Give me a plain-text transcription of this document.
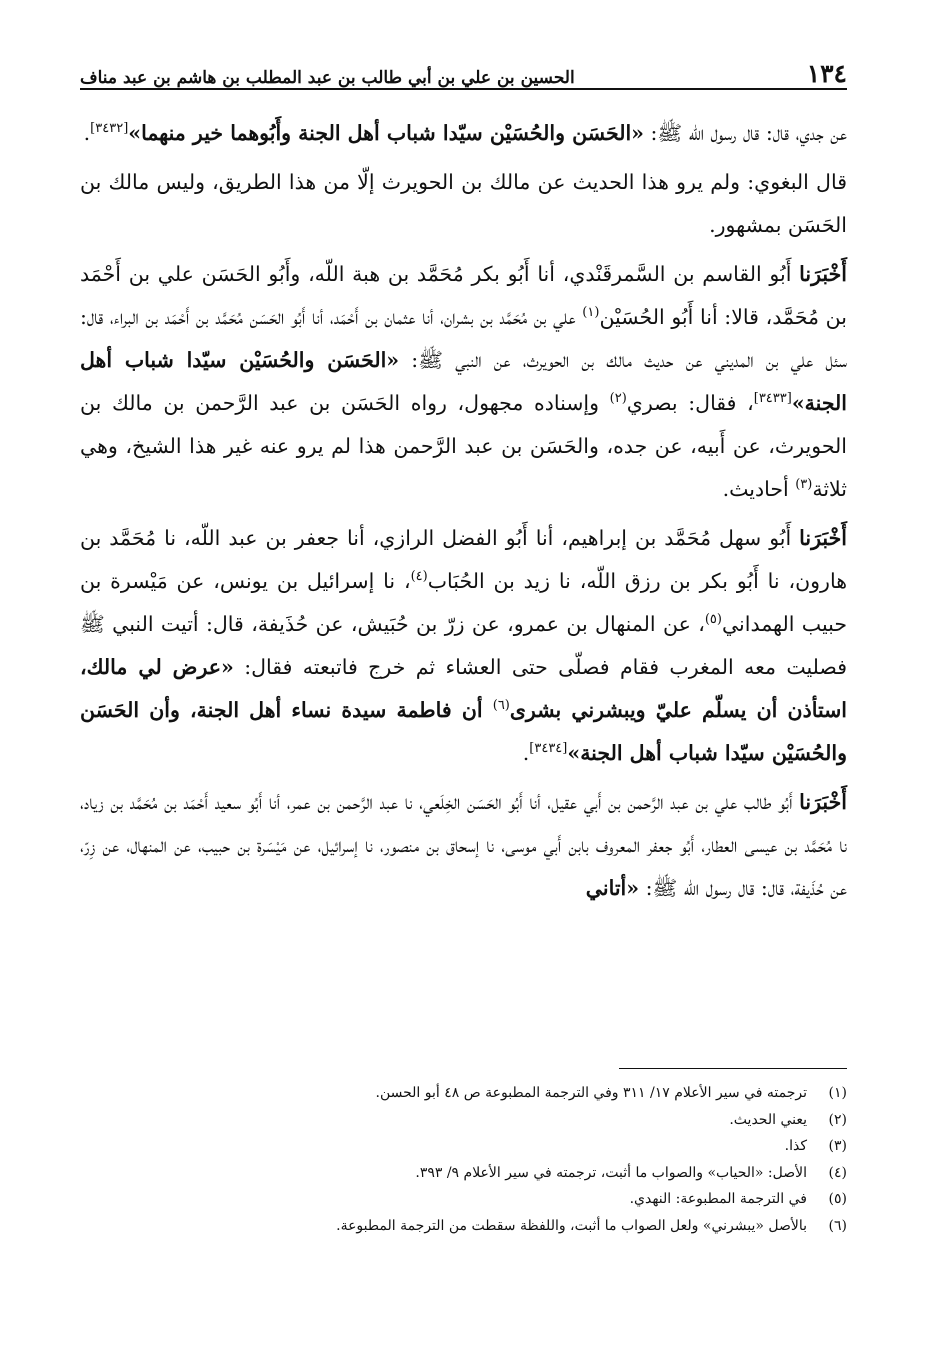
١٣٤
الحسين بن علي بن أبي طالب بن عبد المطلب بن هاشم بن عبد مناف

عن جدي، قال: قال رسول الله ﷺ: «الحَسَن والحُسَيْن سيّدا شباب أهل الجنة وأَبُوهما خير منهما»[٣٤٣٢].

قال البغوي: ولم يرو هذا الحديث عن مالك بن الحويرث إلّا من هذا الطريق، وليس مالك بن الحَسَن بمشهور.

أَخْبَرَنا أَبُو القاسم بن السَّمرقَنْدي، أنا أَبُو بكر مُحَمَّد بن هبة اللّه، وأَبُو الحَسَن علي بن أَحْمَد بن مُحَمَّد، قالا: أنا أَبُو الحُسَيْن$^{(١)}$ علي بن مُحَمَّد بن بشران، أنا عثمان بن أَحْمَد، أنا أَبُو الحَسَن مُحَمَّد بن أَحْمَد بن البراء، قال: سئل علي بن المديني عن حديث مالك بن الحويرث، عن النبي ﷺ: «الحَسَن والحُسَيْن سيّدا شباب أهل الجنة»[٣٤٣٣]، فقال: بصري$^{(٢)}$ وإسناده مجهول، رواه الحَسَن بن عبد الرَّحمن بن مالك بن الحويرث، عن أَبيه، عن جده، والحَسَن بن عبد الرَّحمن هذا لم يرو عنه غير هذا الشيخ، وهي ثلاثة$^{(٣)}$ أحاديث.

أَخْبَرَنا أَبُو سهل مُحَمَّد بن إبراهيم، أنا أَبُو الفضل الرازي، أنا جعفر بن عبد اللّه، نا مُحَمَّد بن هارون، نا أَبُو بكر بن رزق اللّه، نا زيد بن الحُبَاب$^{(٤)}$، نا إسرائيل بن يونس، عن مَيْسرة بن حبيب الهمداني$^{(٥)}$، عن المنهال بن عمرو، عن زرّ بن حُبَيش، عن حُذَيفة، قال: أتيت النبي ﷺ فصليت معه المغرب فقام فصلّى حتى العشاء ثم خرج فاتبعته فقال: «عرض لي مالك، استأذن أن يسلّم عليّ ويبشرني بشرى$^{(٦)}$ أن فاطمة سيدة نساء أهل الجنة، وأن الحَسَن والحُسَيْن سيّدا شباب أهل الجنة»[٣٤٣٤].

أَخْبَرَنا أَبُو طالب علي بن عبد الرَّحمن بن أَبي عقيل، أنا أَبُو الحَسَن الخِلَعي، نا عبد الرَّحمن بن عمر، أنا أَبُو سعيد أَحْمَد بن مُحَمَّد بن زياد، نا مُحَمَّد بن عيسى العطار، أَبُو جعفر المعروف بابن أَبي موسى، نا إسحاق بن منصور، نا إسرائيل، عن مَيْسَرة بن حبيب، عن المنهال، عن زِرّ، عن حُذَيفة، قال: قال رسول الله ﷺ: «أتاني

(١)ترجمته في سير الأعلام ١٧/ ٣١١ وفي الترجمة المطبوعة ص ٤٨ أبو الحسن.
(٢)يعني الحديث.
(٣)كذا.
(٤)الأصل: «الحياب» والصواب ما أثبت، ترجمته في سير الأعلام ٩/ ٣٩٣.
(٥)في الترجمة المطبوعة: النهدي.
(٦)بالأصل «يبشرني» ولعل الصواب ما أثبت، واللفظة سقطت من الترجمة المطبوعة.
